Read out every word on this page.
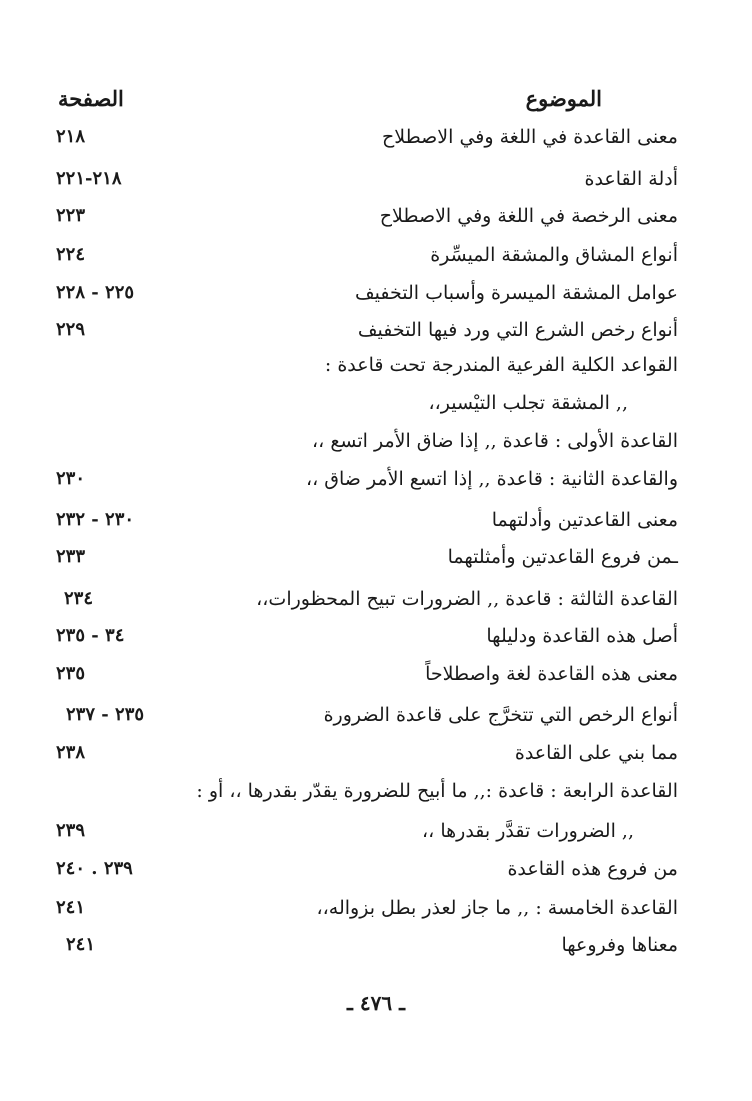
الموضوع
الصفحة
معنى القاعدة في اللغة وفي الاصطلاح
٢١٨
أدلة القاعدة
٢١٨-٢٢١
معنى الرخصة في اللغة وفي الاصطلاح
٢٢٣
أنواع المشاق والمشقة الميسِّرة
٢٢٤
عوامل المشقة الميسرة وأسباب التخفيف
٢٢٥ - ٢٢٨
أنواع رخص الشرع التي ورد فيها التخفيف
٢٢٩
القواعد الكلية الفرعية المندرجة تحت قاعدة :
,, المشقة تجلب التيْسير،،
القاعدة الأولى : قاعدة ,, إذا ضاق الأمر اتسع ،،
والقاعدة الثانية : قاعدة ,, إذا اتسع الأمر ضاق ،،
٢٣٠
معنى القاعدتين وأدلتهما
٢٣٠ - ٢٣٢
ـمن فروع القاعدتين وأمثلتهما
٢٣٣
القاعدة الثالثة : قاعدة ,, الضرورات تبيح المحظورات،،
٢٣٤
أصل هذه القاعدة ودليلها
٣٤ - ٢٣٥
معنى هذه القاعدة لغة واصطلاحاً
٢٣٥
أنواع الرخص التي تتخرَّج على قاعدة الضرورة
٢٣٥ - ٢٣٧
مما بني على القاعدة
٢٣٨
القاعدة الرابعة : قاعدة :,, ما أبيح للضرورة يقدّر بقدرها ،، أو :
,, الضرورات تقدَّر بقدرها ،،
٢٣٩
من فروع هذه القاعدة
٢٣٩ . ٢٤٠
القاعدة الخامسة : ,, ما جاز لعذر بطل بزواله،،
٢٤١
معناها وفروعها
٢٤١
ـ ٤٧٦ ـ
